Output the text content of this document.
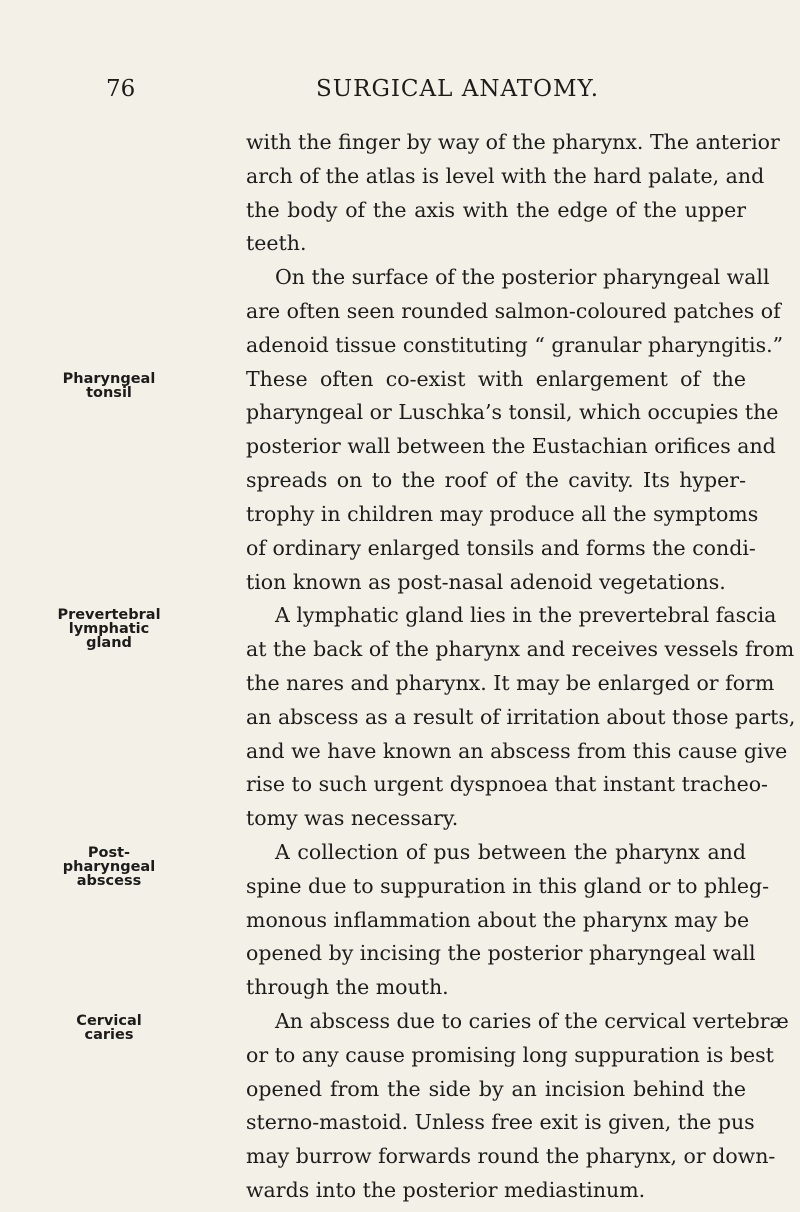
76	SURGICAL ANATOMY.
with the finger by way of the pharynx. The anterior
arch of the atlas is level with the hard palate, and
the body of the axis with the edge of the upper
teeth.
On the surface of the posterior pharyngeal wall
are often seen rounded salmon-coloured patches of
adenoid tissue constituting “ granular pharyngitis.”
These often co-exist with enlargement of the
pharyngeal or Luschka’s tonsil, which occupies the
posterior wall between the Eustachian orifices and
spreads on to the roof of the cavity. Its hyper-
trophy in children may produce all the symptoms
of ordinary enlarged tonsils and forms the condi-
tion known as post-nasal adenoid vegetations.
A lymphatic gland lies in the prevertebral fascia
at the back of the pharynx and receives vessels from
the nares and pharynx. It may be enlarged or form
an abscess as a result of irritation about those parts,
and we have known an abscess from this cause give
rise to such urgent dyspnoea that instant tracheo-
tomy was necessary.
A collection of pus between the pharynx and
spine due to suppuration in this gland or to phleg-
monous inflammation about the pharynx may be
opened by incising the posterior pharyngeal wall
through the mouth.
An abscess due to caries of the cervical vertebræ
or to any cause promising long suppuration is best
opened from the side by an incision behind the
sterno-mastoid. Unless free exit is given, the pus
may burrow forwards round the pharynx, or down-
wards into the posterior mediastinum.
Pharyngeal
tonsil
Prevertebral
lymphatic
gland
Post-
pharyngeal
abscess
Cervical
caries
